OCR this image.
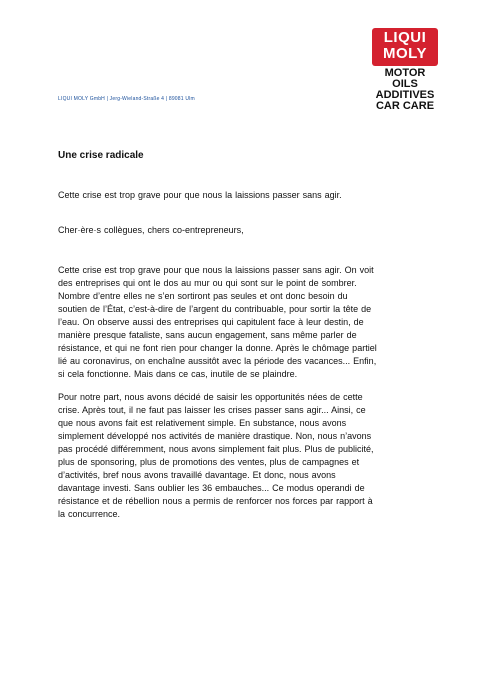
LIQUI
MOLY
MOTOR OILS
ADDITIVES
CAR CARE
LIQUI MOLY GmbH | Jerg-Wieland-Straße 4 | 89081 Ulm
Une crise radicale

Cette crise est trop grave pour que nous la laissions passer sans agir.

Cher·ère·s collègues, chers co-entrepreneurs,

Cette crise est trop grave pour que nous la laissions passer sans agir. On voit des entreprises qui ont le dos au mur ou qui sont sur le point de sombrer. Nombre d’entre elles ne s’en sortiront pas seules et ont donc besoin du soutien de l’État, c’est-à-dire de l’argent du contribuable, pour sortir la tête de l’eau. On observe aussi des entreprises qui capitulent face à leur destin, de manière presque fataliste, sans aucun engagement, sans même parler de résistance, et qui ne font rien pour changer la donne. Après le chômage partiel lié au coronavirus, on enchaîne aussitôt avec la période des vacances... Enfin, si cela fonctionne. Mais dans ce cas, inutile de se plaindre.

Pour notre part, nous avons décidé de saisir les opportunités nées de cette crise. Après tout, il ne faut pas laisser les crises passer sans agir... Ainsi, ce que nous avons fait est relativement simple. En substance, nous avons simplement développé nos activités de manière drastique. Non, nous n’avons pas procédé différemment, nous avons simplement fait plus. Plus de publicité, plus de sponsoring, plus de promotions des ventes, plus de campagnes et d’activités, bref nous avons travaillé davantage. Et donc, nous avons davantage investi. Sans oublier les 36 embauches... Ce modus operandi de résistance et de rébellion nous a permis de renforcer nos forces par rapport à la concurrence.
